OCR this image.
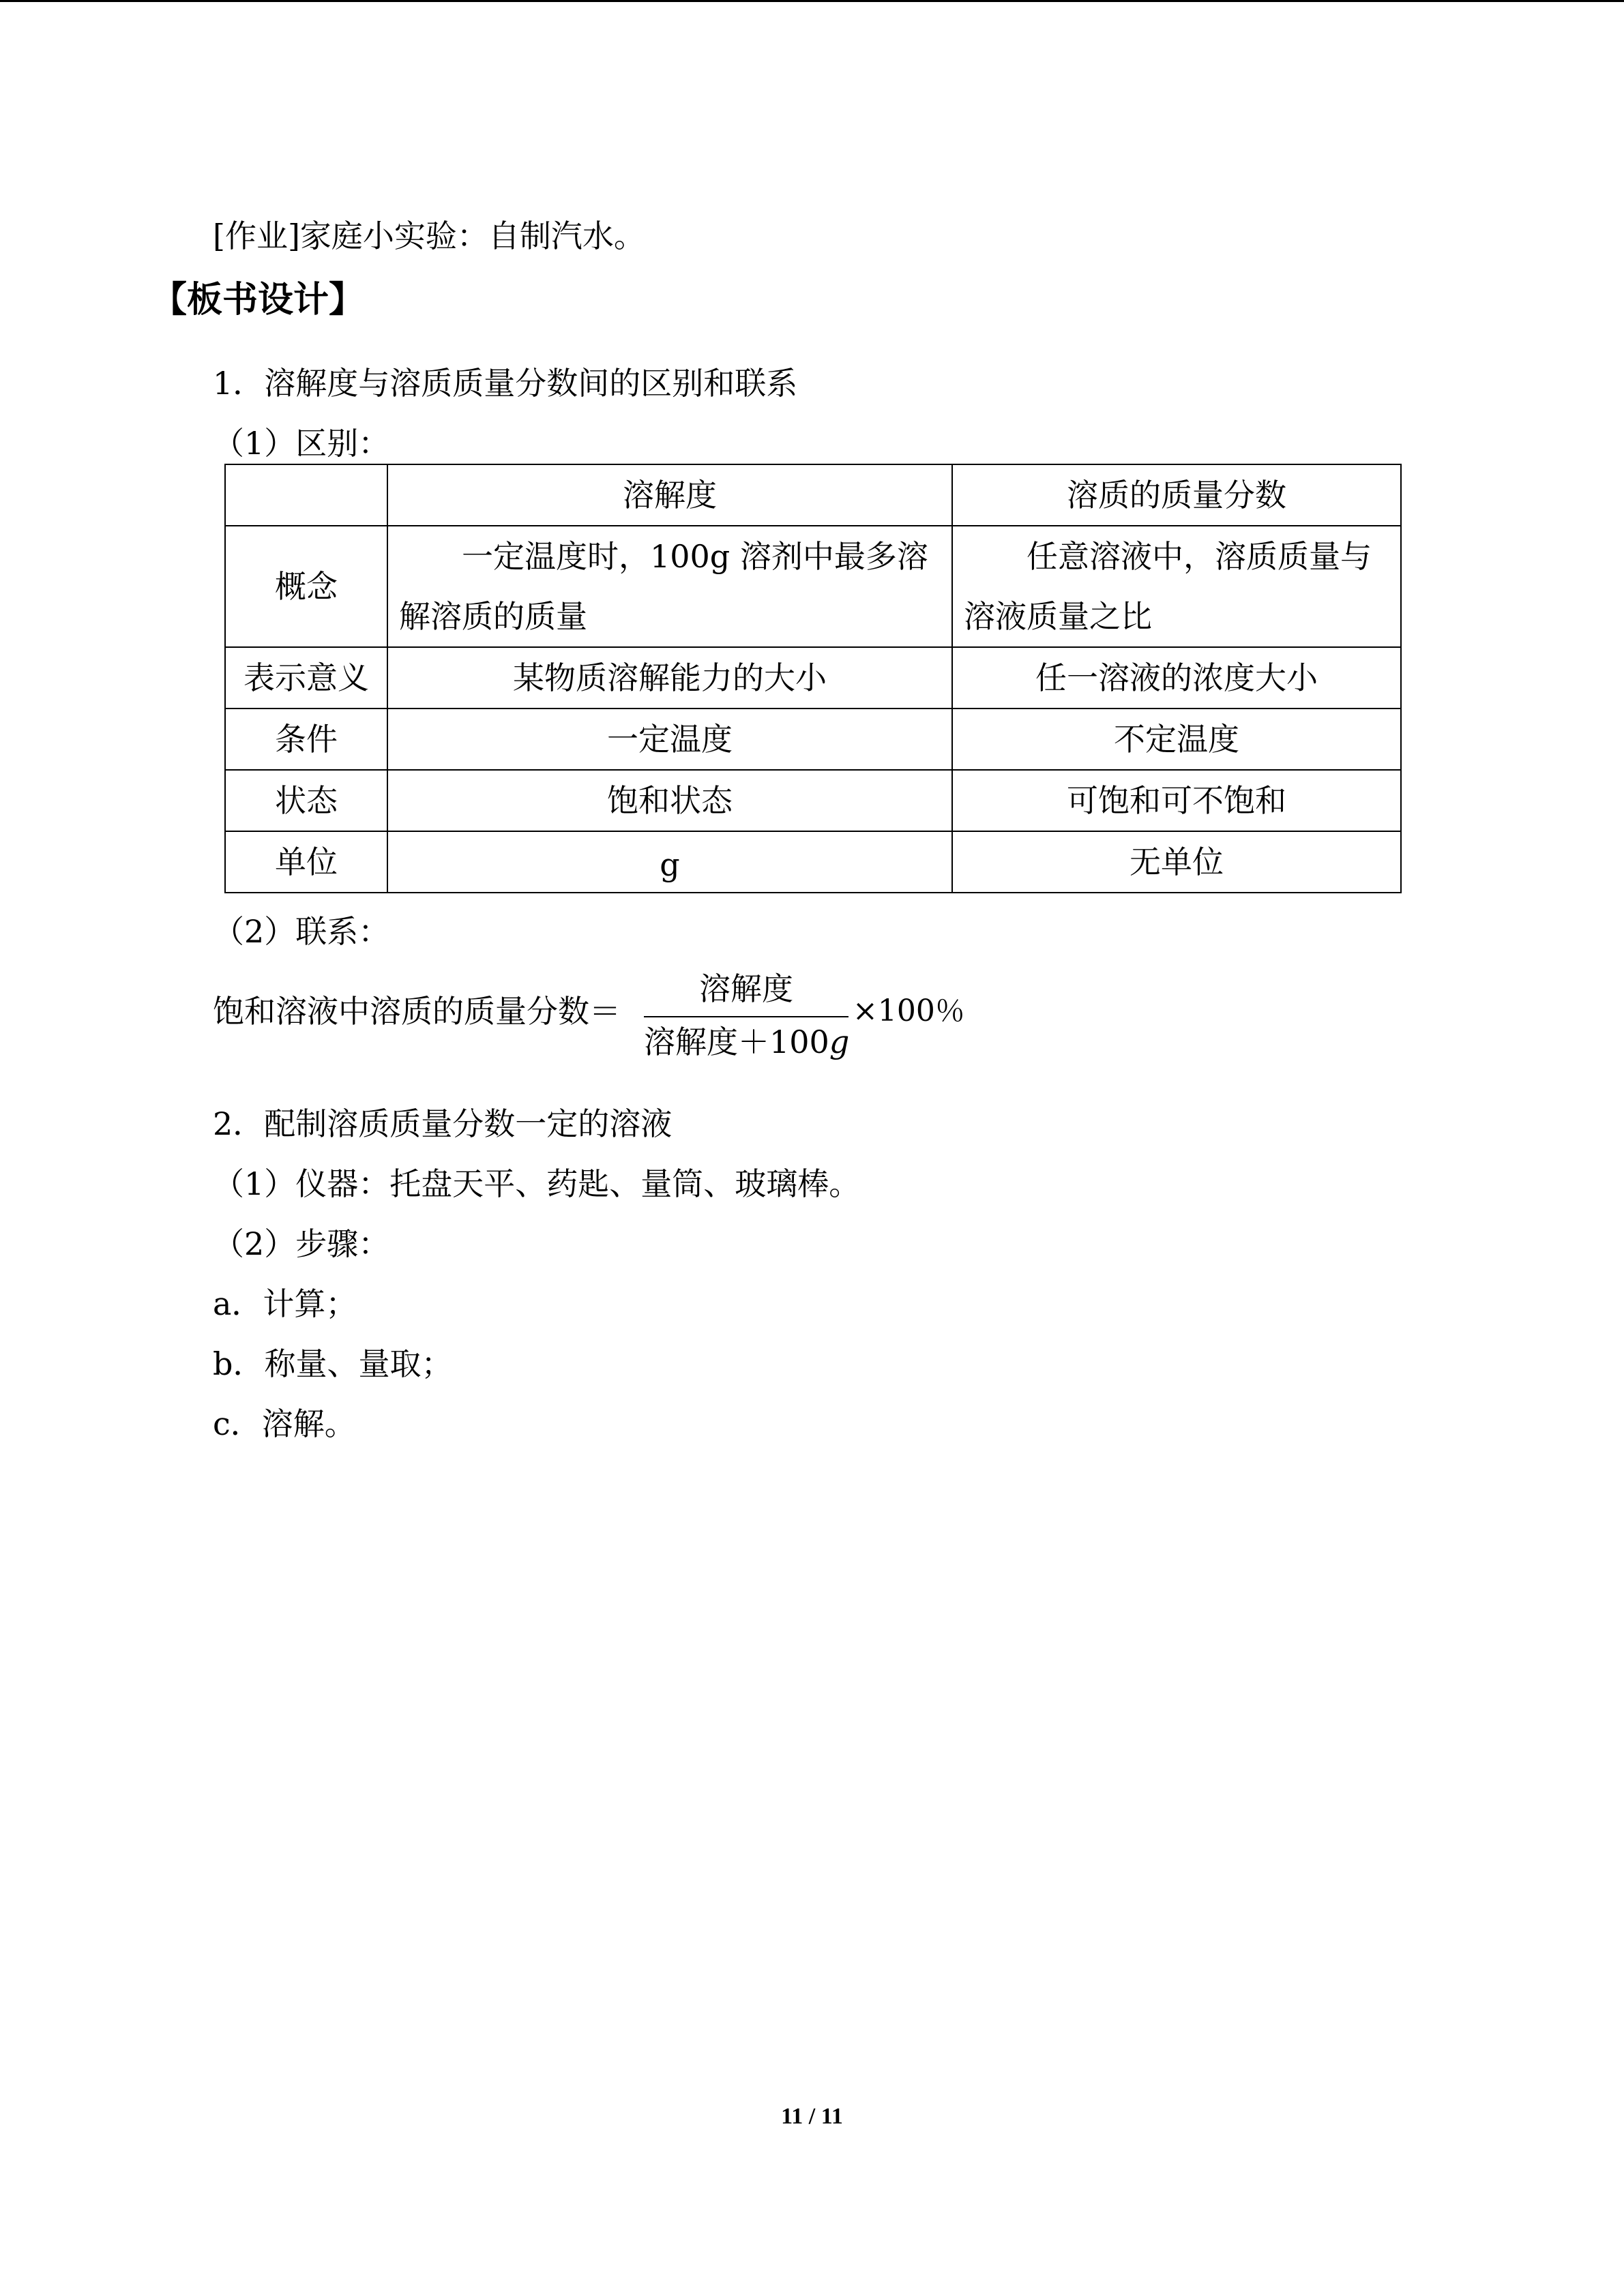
[作业]家庭小实验：自制汽水。
【板书设计】
1．溶解度与溶质质量分数间的区别和联系
（1）区别：
	溶解度	溶质的质量分数
概念	一定温度时，100g 溶剂中最多溶解溶质的质量	任意溶液中，溶质质量与溶液质量之比
表示意义	某物质溶解能力的大小	任一溶液的浓度大小
条件	一定温度	不定温度
状态	饱和状态	可饱和可不饱和
单位	g	无单位
（2）联系：
饱和溶液中溶质的质量分数＝
溶解度
溶解度＋100g
×100％
2．配制溶质质量分数一定的溶液
（1）仪器：托盘天平、药匙、量筒、玻璃棒。
（2）步骤：
a．计算；
b．称量、量取；
c．溶解。
11 / 11
